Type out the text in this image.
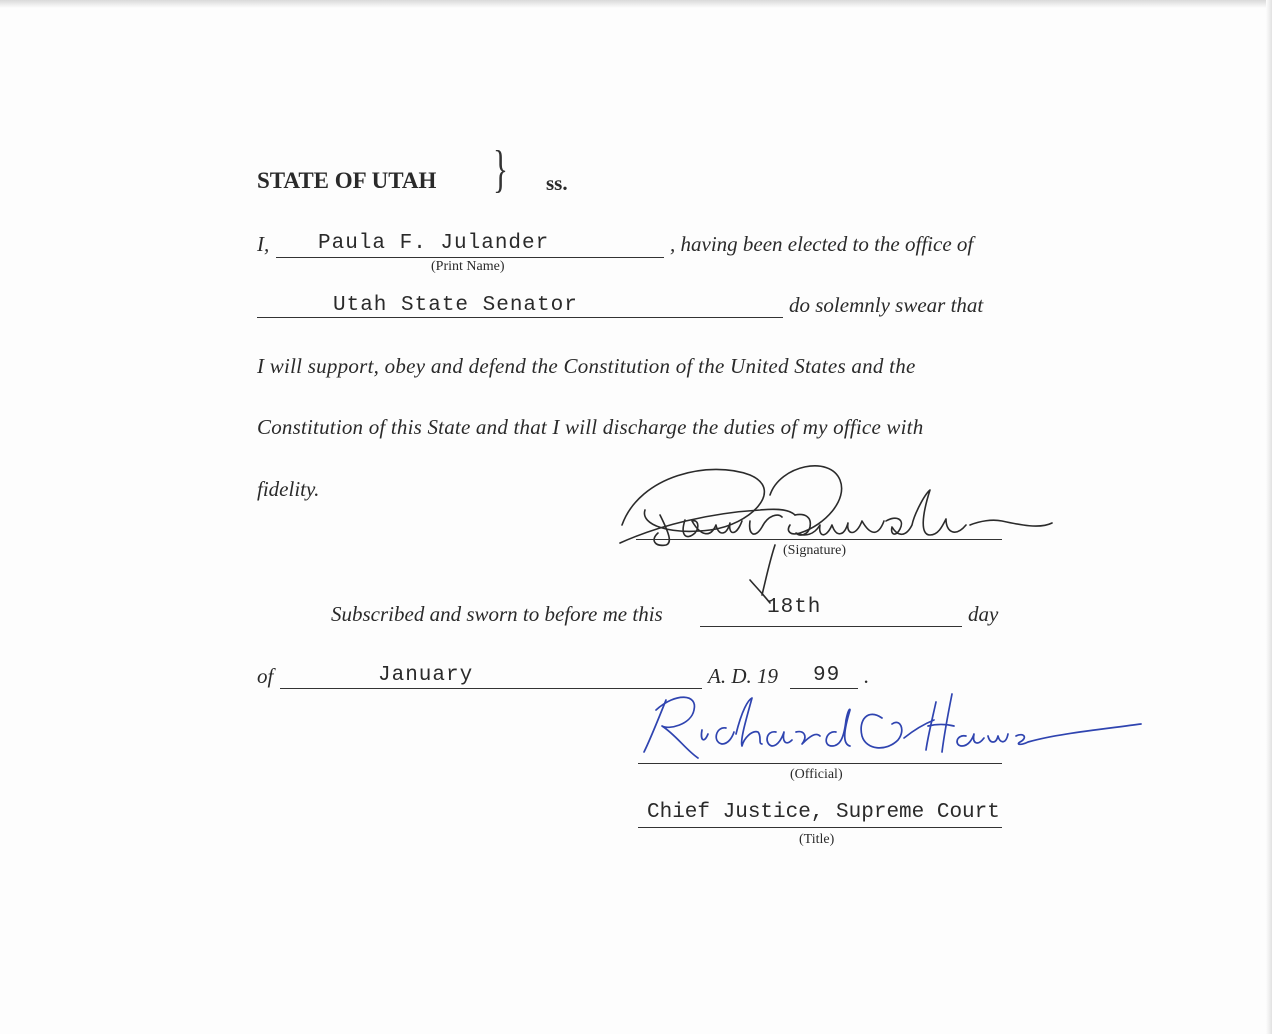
STATE OF UTAH } ss.
I, Paula F. Julander	, having been elected to the office of
(Print Name)
Utah State Senator	do solemnly swear that
I will support, obey and defend the Constitution of the United States and the
Constitution of this State and that I will discharge the duties of my office with
fidelity.
(Signature)
Subscribed and sworn to before me this	18th	day
of	January	A. D. 19 99 .
(Official)
Chief Justice, Supreme Court
(Title)
